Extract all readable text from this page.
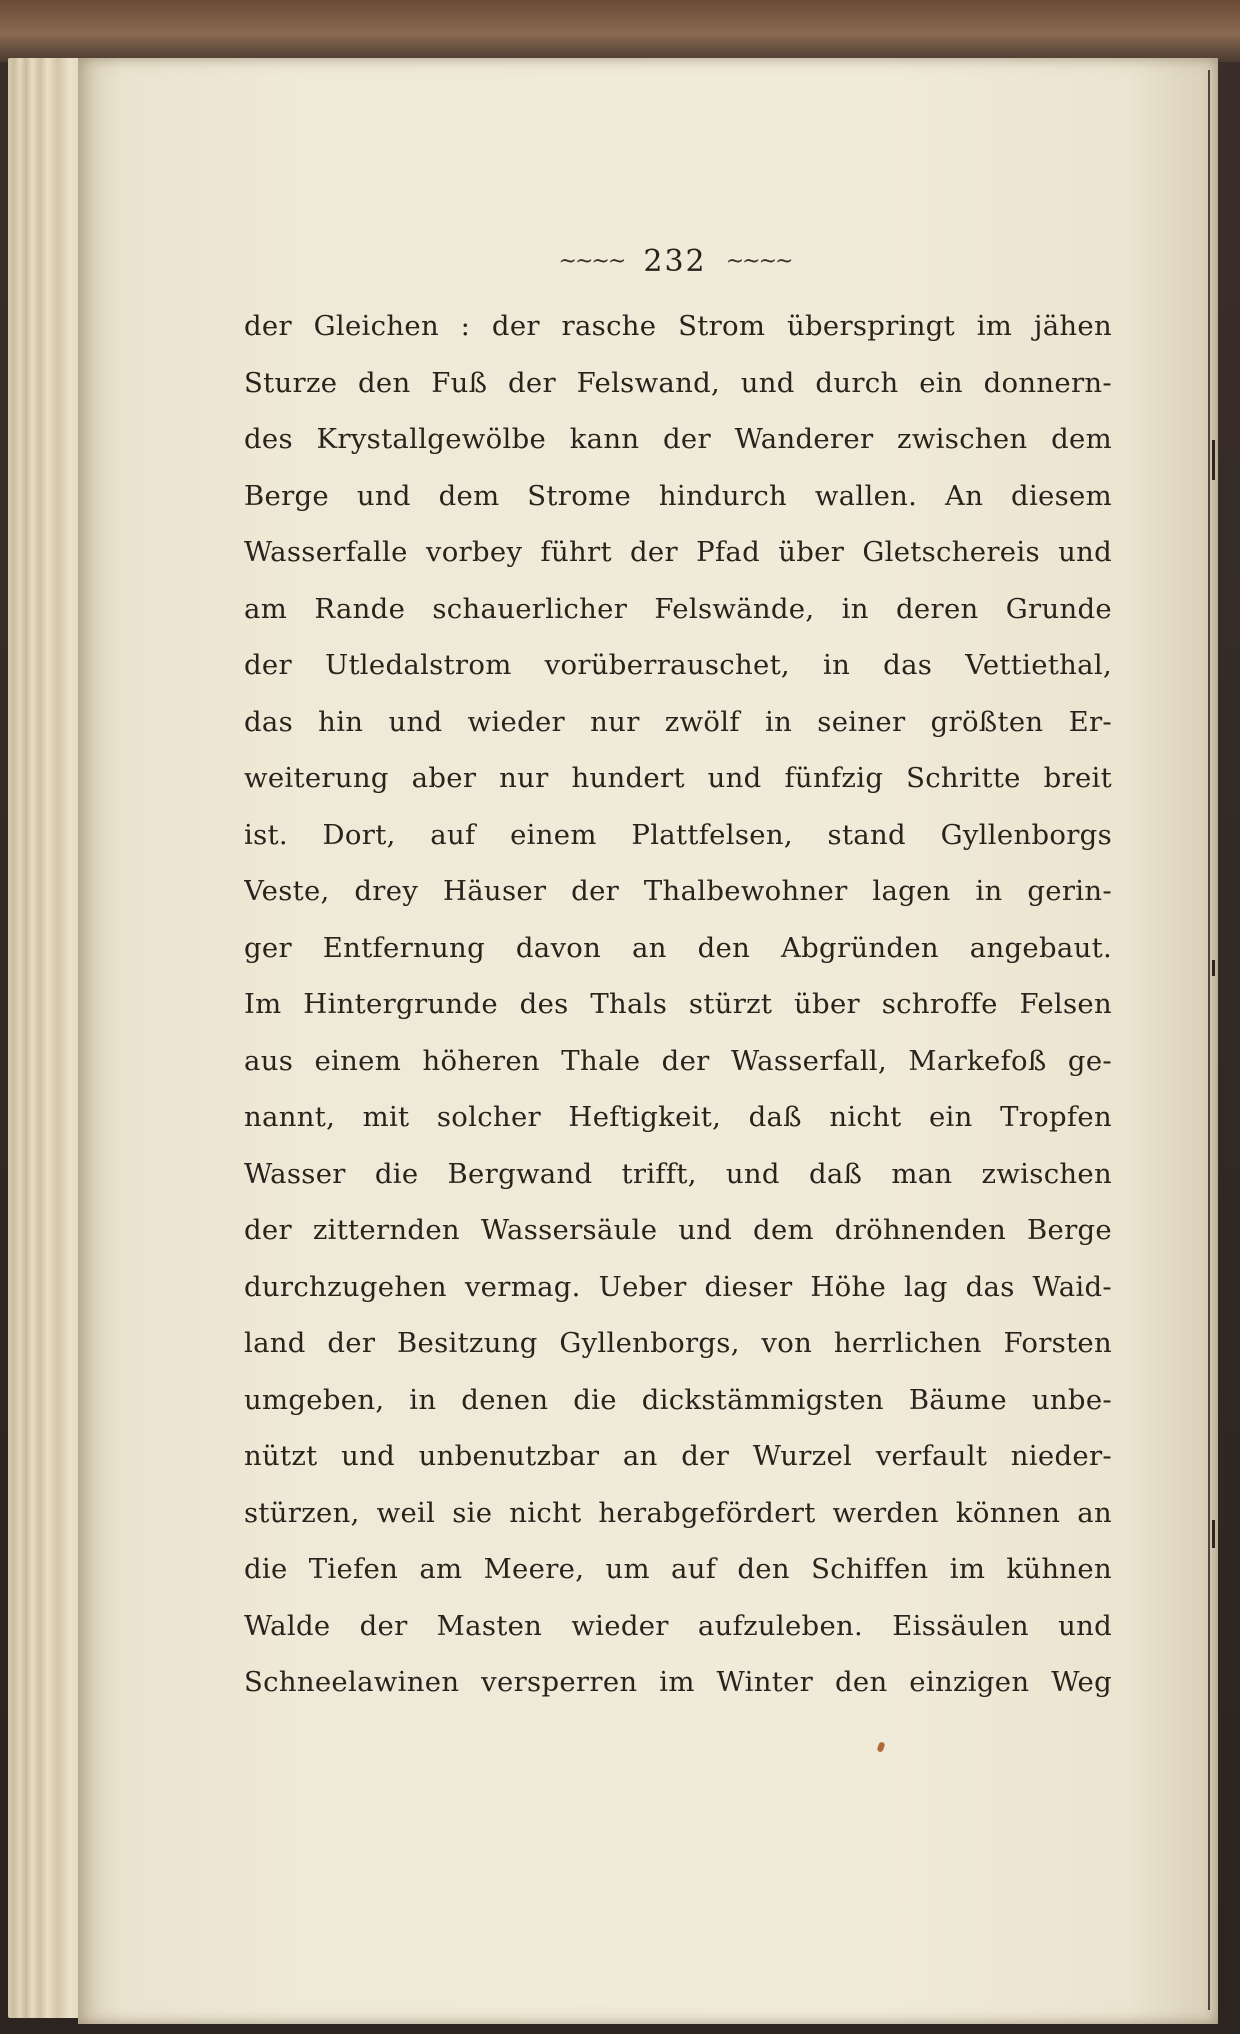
~~~~ 232 ~~~~
der Gleichen : der rasche Strom überspringt im jähen
Sturze den Fuß der Felswand, und durch ein donnern-
des Krystallgewölbe kann der Wanderer zwischen dem
Berge und dem Strome hindurch wallen. An diesem
Wasserfalle vorbey führt der Pfad über Gletschereis und
am Rande schauerlicher Felswände, in deren Grunde
der Utledalstrom vorüberrauschet, in das Vettiethal,
das hin und wieder nur zwölf in seiner größten Er-
weiterung aber nur hundert und fünfzig Schritte breit
ist. Dort, auf einem Plattfelsen, stand Gyllenborgs
Veste, drey Häuser der Thalbewohner lagen in gerin-
ger Entfernung davon an den Abgründen angebaut.
Im Hintergrunde des Thals stürzt über schroffe Felsen
aus einem höheren Thale der Wasserfall, Markefoß ge-
nannt, mit solcher Heftigkeit, daß nicht ein Tropfen
Wasser die Bergwand trifft, und daß man zwischen
der zitternden Wassersäule und dem dröhnenden Berge
durchzugehen vermag. Ueber dieser Höhe lag das Waid-
land der Besitzung Gyllenborgs, von herrlichen Forsten
umgeben, in denen die dickstämmigsten Bäume unbe-
nützt und unbenutzbar an der Wurzel verfault nieder-
stürzen, weil sie nicht herabgefördert werden können an
die Tiefen am Meere, um auf den Schiffen im kühnen
Walde der Masten wieder aufzuleben. Eissäulen und
Schneelawinen versperren im Winter den einzigen Weg
